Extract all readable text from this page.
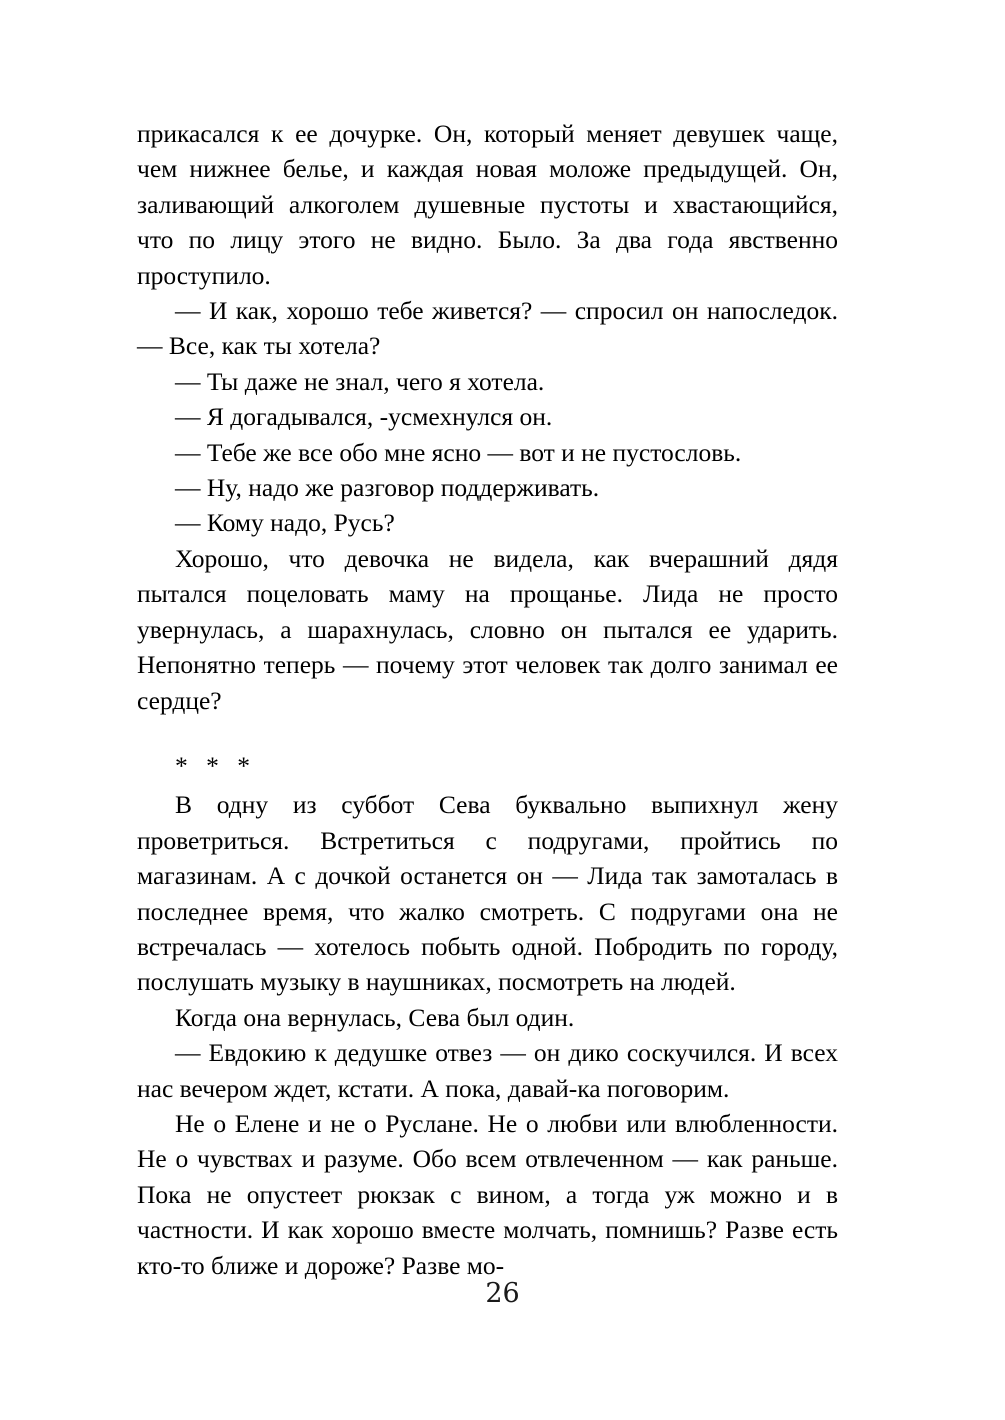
прикасался к ее дочурке. Он, который меняет девушек чаще, чем нижнее белье, и каждая новая моложе предыдущей. Он, заливающий алкоголем душевные пустоты и хвастающийся, что по лицу этого не видно. Было. За два года явственно проступило.

— И как, хорошо тебе живется? — спросил он напоследок. — Все, как ты хотела?

— Ты даже не знал, чего я хотела.

— Я догадывался, -усмехнулся он.

— Тебе же все обо мне ясно — вот и не пустословь.

— Ну, надо же разговор поддерживать.

— Кому надо, Русь?

Хорошо, что девочка не видела, как вчерашний дядя пытался поцеловать маму на прощанье. Лида не просто увернулась, а шарахнулась, словно он пытался ее ударить. Непонятно теперь — почему этот человек так долго занимал ее сердце?

* * *

В одну из суббот Сева буквально выпихнул жену проветриться. Встретиться с подругами, пройтись по магазинам. А с дочкой останется он — Лида так замоталась в последнее время, что жалко смотреть. С подругами она не встречалась — хотелось побыть одной. Побродить по городу, послушать музыку в наушниках, посмотреть на людей.

Когда она вернулась, Сева был один.

— Евдокию к дедушке отвез — он дико соскучился. И всех нас вечером ждет, кстати. А пока, давай-ка поговорим.

Не о Елене и не о Руслане. Не о любви или влюбленности. Не о чувствах и разуме. Обо всем отвлеченном — как раньше. Пока не опустеет рюкзак с вином, а тогда уж можно и в частности. И как хорошо вместе молчать, помнишь? Разве есть кто-то ближе и дороже? Разве мо-

26
